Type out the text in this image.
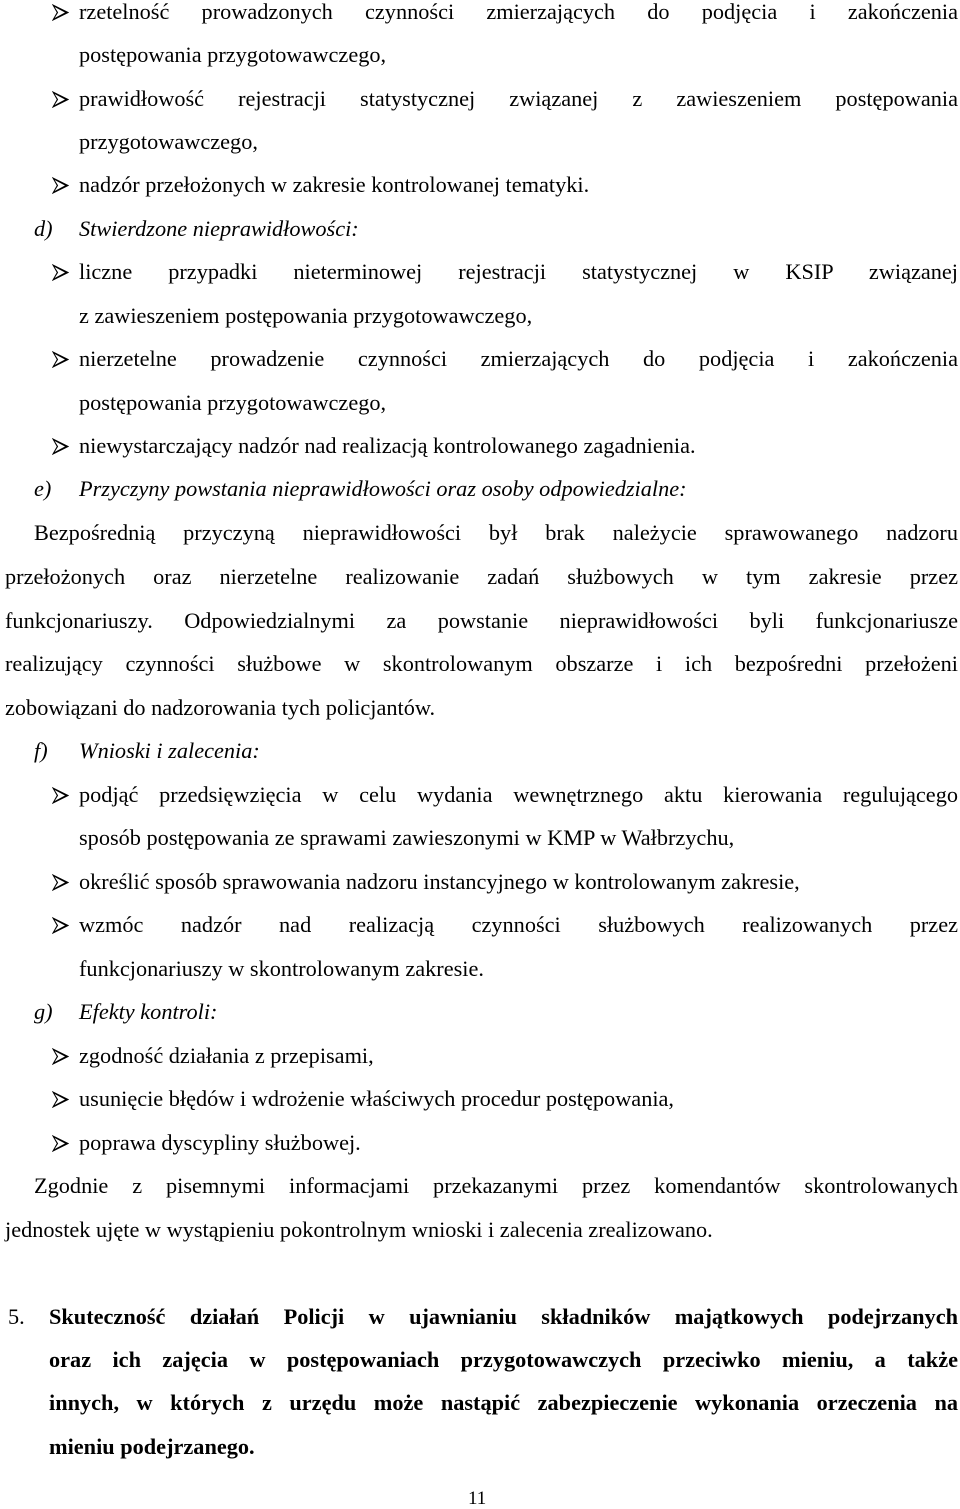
rzetelność prowadzonych czynności zmierzających do podjęcia i zakończenia
postępowania przygotowawczego,
prawidłowość rejestracji statystycznej związanej z zawieszeniem postępowania
przygotowawczego,
nadzór przełożonych w zakresie kontrolowanej tematyki.
d) Stwierdzone nieprawidłowości:
liczne przypadki nieterminowej rejestracji statystycznej w KSIP związanej
z zawieszeniem postępowania przygotowawczego,
nierzetelne prowadzenie czynności zmierzających do podjęcia i zakończenia
postępowania przygotowawczego,
niewystarczający nadzór nad realizacją kontrolowanego zagadnienia.
e) Przyczyny powstania nieprawidłowości oraz osoby odpowiedzialne:
Bezpośrednią przyczyną nieprawidłowości był brak należycie sprawowanego nadzoru
przełożonych oraz nierzetelne realizowanie zadań służbowych w tym zakresie przez
funkcjonariuszy. Odpowiedzialnymi za powstanie nieprawidłowości byli funkcjonariusze
realizujący czynności służbowe w skontrolowanym obszarze i ich bezpośredni przełożeni
zobowiązani do nadzorowania tych policjantów.
f) Wnioski i zalecenia:
podjąć przedsięwzięcia w celu wydania wewnętrznego aktu kierowania regulującego
sposób postępowania ze sprawami zawieszonymi w KMP w Wałbrzychu,
określić sposób sprawowania nadzoru instancyjnego w kontrolowanym zakresie,
wzmóc nadzór nad realizacją czynności służbowych realizowanych przez
funkcjonariuszy w skontrolowanym zakresie.
g) Efekty kontroli:
zgodność działania z przepisami,
usunięcie błędów i wdrożenie właściwych procedur postępowania,
poprawa dyscypliny służbowej.
Zgodnie z pisemnymi informacjami przekazanymi przez komendantów skontrolowanych
jednostek ujęte w wystąpieniu pokontrolnym wnioski i zalecenia zrealizowano.
5. Skuteczność działań Policji w ujawnianiu składników majątkowych podejrzanych
oraz ich zajęcia w postępowaniach przygotowawczych przeciwko mieniu, a także
innych, w których z urzędu może nastąpić zabezpieczenie wykonania orzeczenia na
mieniu podejrzanego.
11
